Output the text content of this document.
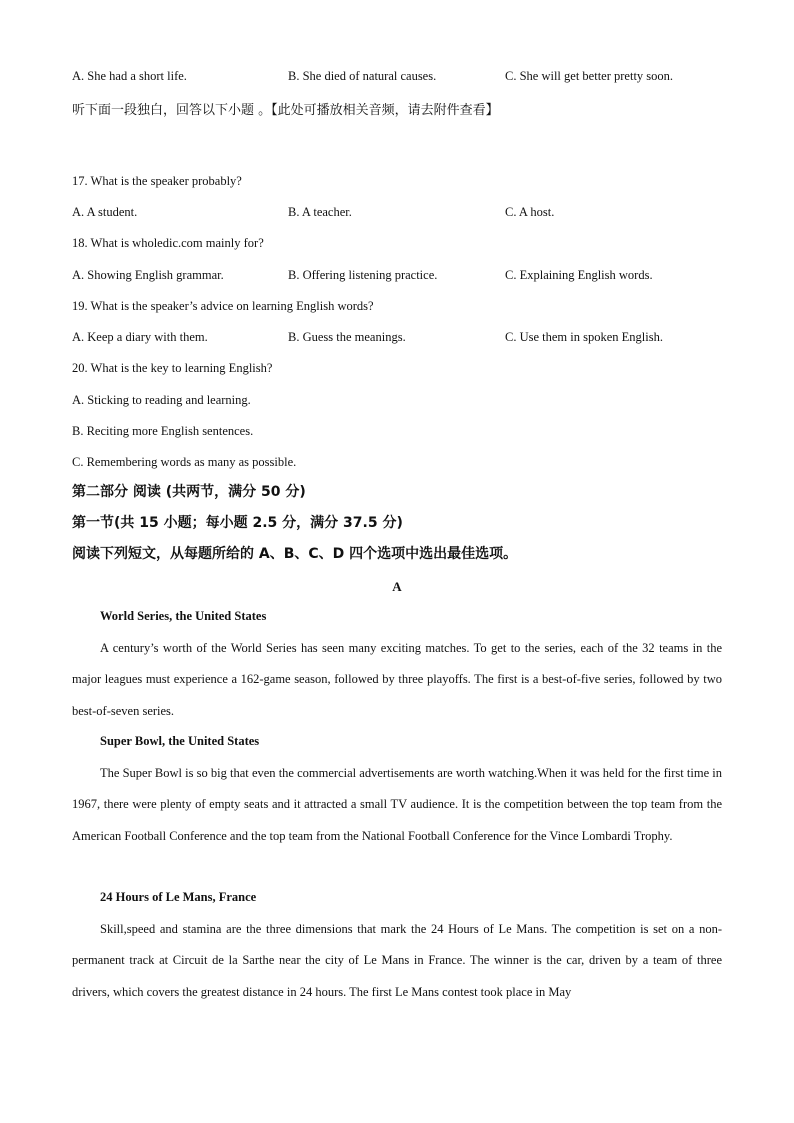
A. She had a short life.	B. She died of natural causes.	C. She will get better pretty soon.
听下面一段独白，回答以下小题 。【此处可播放相关音频，请去附件查看】
17. What is the speaker probably?
A. A student.	B. A teacher.	C. A host.
18. What is wholedic.com mainly for?
A. Showing English grammar.	B. Offering listening practice.	C. Explaining English words.
19. What is the speaker’s advice on learning English words?
A. Keep a diary with them.	B. Guess the meanings.	C. Use them in spoken English.
20. What is the key to learning English?
A. Sticking to reading and learning.
B. Reciting more English sentences.
C. Remembering words as many as possible.
第二部分 阅读 (共两节，满分 50 分)
第一节(共 15 小题；每小题 2.5 分，满分 37.5 分)
阅读下列短文，从每题所给的 A、B、C、D 四个选项中选出最佳选项。
A
World Series, the United States
A century’s worth of the World Series has seen many exciting matches. To get to the series, each of the 32 teams in the major leagues must experience a 162-game season, followed by three playoffs. The first is a best-of-five series, followed by two best-of-seven series.
Super Bowl, the United States
The Super Bowl is so big that even the commercial advertisements are worth watching.When it was held for the first time in 1967, there were plenty of empty seats and it attracted a small TV audience. It is the competition between the top team from the American Football Conference and the top team from the National Football Conference for the Vince Lombardi Trophy.
24 Hours of Le Mans, France
Skill,speed and stamina are the three dimensions that mark the 24 Hours of Le Mans. The competition is set on a non-permanent track at Circuit de la Sarthe near the city of Le Mans in France. The winner is the car, driven by a team of three drivers, which covers the greatest distance in 24 hours. The first Le Mans contest took place in May
